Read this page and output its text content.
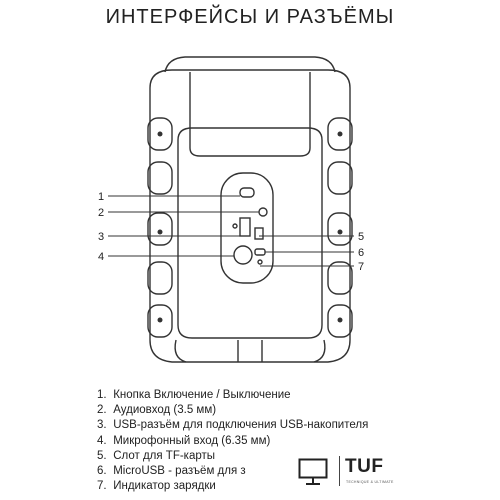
ИНТЕРФЕЙСЫ И РАЗЪЁМЫ
1
2
3
4
5
6
7
1. Кнопка Включение / Выключение
2. Аудиовход (3.5 мм)
3. USB-разъём для подключения USB-накопителя
4. Микрофонный вход (6.35 мм)
5. Слот для TF-карты
6. MicroUSB - разъём для з
7. Индикатор зарядки
TUF
TECHNIQUE & ULTIMATE
